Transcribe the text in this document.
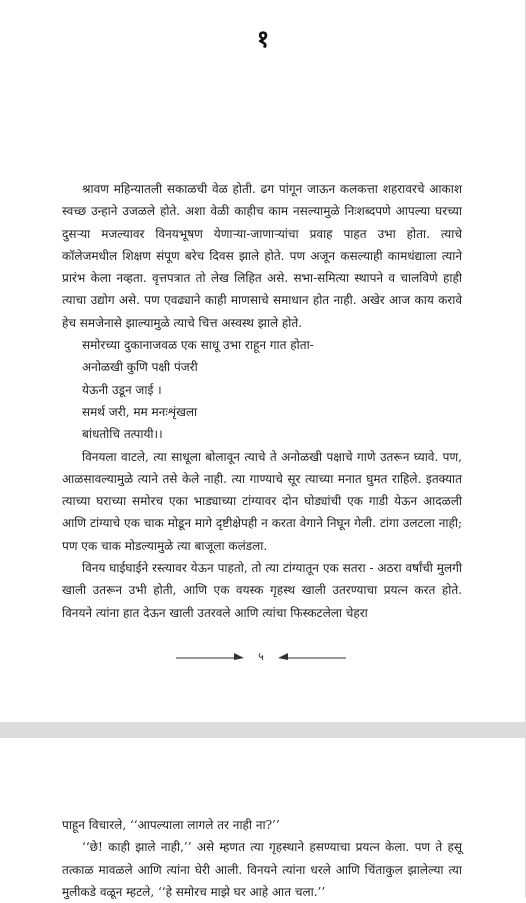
१

श्रावण महिन्यातली सकाळची वेळ होती. ढग पांगून जाऊन कलकत्ता शहरावरचे आकाश स्वच्छ उन्हाने उजळले होते. अशा वेळी काहीच काम नसल्यामुळे निःशब्दपणे आपल्या घरच्या दुसऱ्या मजल्यावर विनयभूषण येणाऱ्या-जाणाऱ्यांचा प्रवाह पाहत उभा होता. त्याचे कॉलेजमधील शिक्षण संपूण बरेच दिवस झाले होते. पण अजून कसल्याही कामधंद्याला त्याने प्रारंभ केला नव्हता. वृत्तपत्रात तो लेख लिहित असे. सभा-समित्या स्थापने व चालविणे हाही त्याचा उद्योग असे. पण एवढ्याने काही माणसाचे समाधान होत नाही. अखेर आज काय करावे हेच समजेनासे झाल्यामुळे त्याचे चित्त अस्वस्थ झाले होते.

समोरच्या दुकानाजवळ एक साधू उभा राहून गात होता-

अनोळखी कुणि पक्षी पंजरी
येऊनी उडून जाई ।
समर्थ जरी, मम मनःशृंखला
बांधतोचि तत्पायी।।

विनयला वाटले, त्या साधूला बोलावून त्याचे ते अनोळखी पक्षाचे गाणे उतरून घ्यावे. पण, आळसावल्यामुळे त्याने तसे केले नाही. त्या गाण्याचे सूर त्याच्या मनात घुमत राहिले. इतक्यात त्याच्या घराच्या समोरच एका भाड्याच्या टांग्यावर दोन घोड्यांची एक गाडी येऊन आदळली आणि टांग्याचे एक चाक मोडून मागे दृष्टीक्षेपही न करता वेगाने निघून गेली. टांगा उलटला नाही; पण एक चाक मोडल्यामुळे त्या बाजूला कलंडला.

विनय घाईघाईने रस्त्यावर येऊन पाहतो, तो त्या टांग्यातून एक सतरा - अठरा वर्षांची मुलगी खाली उतरून उभी होती, आणि एक वयस्क गृहस्थ खाली उतरण्याचा प्रयत्न करत होते. विनयने त्यांना हात देऊन खाली उतरवले आणि त्यांचा फिस्कटलेला चेहरा

५
पाहून विचारले, ‘‘आपल्याला लागले तर नाही ना?’’

‘‘छे! काही झाले नाही,’’ असे म्हणत त्या गृहस्थाने हसण्याचा प्रयत्न केला. पण ते हसू तत्काळ मावळले आणि त्यांना घेरी आली. विनयने त्यांना धरले आणि चिंताकुल झालेल्या त्या मुलीकडे वळून म्हटले, ‘‘हे समोरच माझे घर आहे आत चला.’’
